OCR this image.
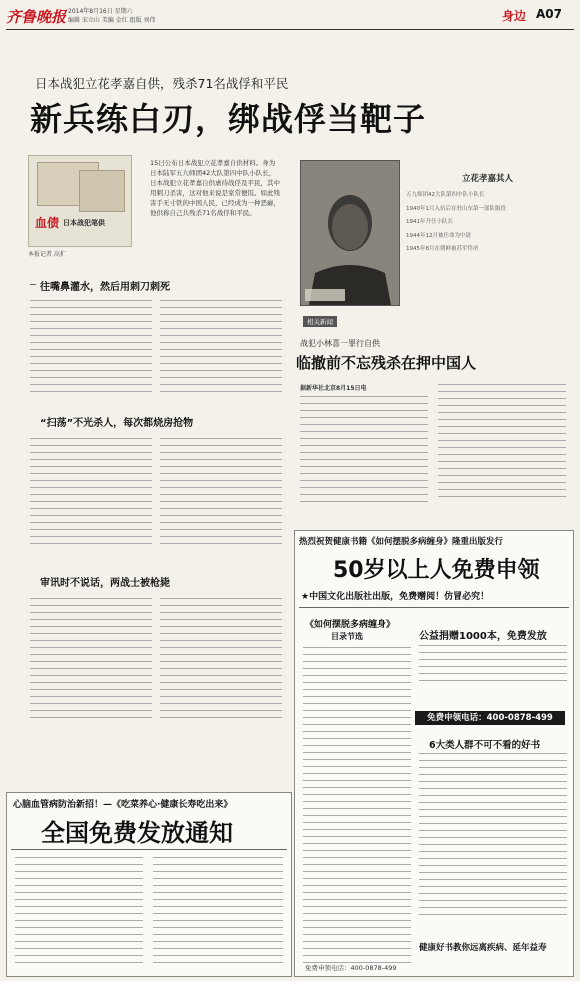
齐鲁晚报 2014年8月16日 星期六
编辑 宋立山 美编 金红 组版 刘伟	身边 A07
日本战犯立花孝嘉自供，残杀71名战俘和平民
新兵练白刃，绑战俘当靶子
血债 日本战犯笔供
15日公布日本战犯立花孝嘉自供材料。身为日本陆军五九师团42大队第四中队小队长，日本战犯立花孝嘉自供虐待战俘及平民，其中用刺刀杀害，这对他来说是家常便饭。如此残害手无寸铁的中国人民，已经成为一种恶癖，他供称自己共残杀71名战俘和平民。
本报记者 高扩
往嘴鼻灌水，然后用刺刀刺死
“扫荡”不光杀人，每次都烧房抢物
审讯时不说话，两战士被枪毙
立花孝嘉其人
五九师团42大队第四中队小队长
1940年1月入伍后在驻山东第一部队服役
1941年升任小队长
1944年12月被任命为中尉
1945年8月在朝鲜被苏军俘虏
相关新闻
战犯小林喜一罪行自供
临撤前不忘残杀在押中国人
据新华社北京8月15日电
热烈祝贺健康书籍《如何摆脱多病缠身》隆重出版发行
50岁以上人免费申领
★中国文化出版社出版，免费赠阅！仿冒必究！
《如何摆脱多病缠身》
目录节选	公益捐赠1000本，免费发放
免费申领电话：400-0878-499
6大类人群不可不看的好书
健康好书教你远离疾病、延年益寿
免费申领电话：400-0878-499
心脑血管病防治新招！—《吃菜养心·健康长寿吃出来》
全国免费发放通知
